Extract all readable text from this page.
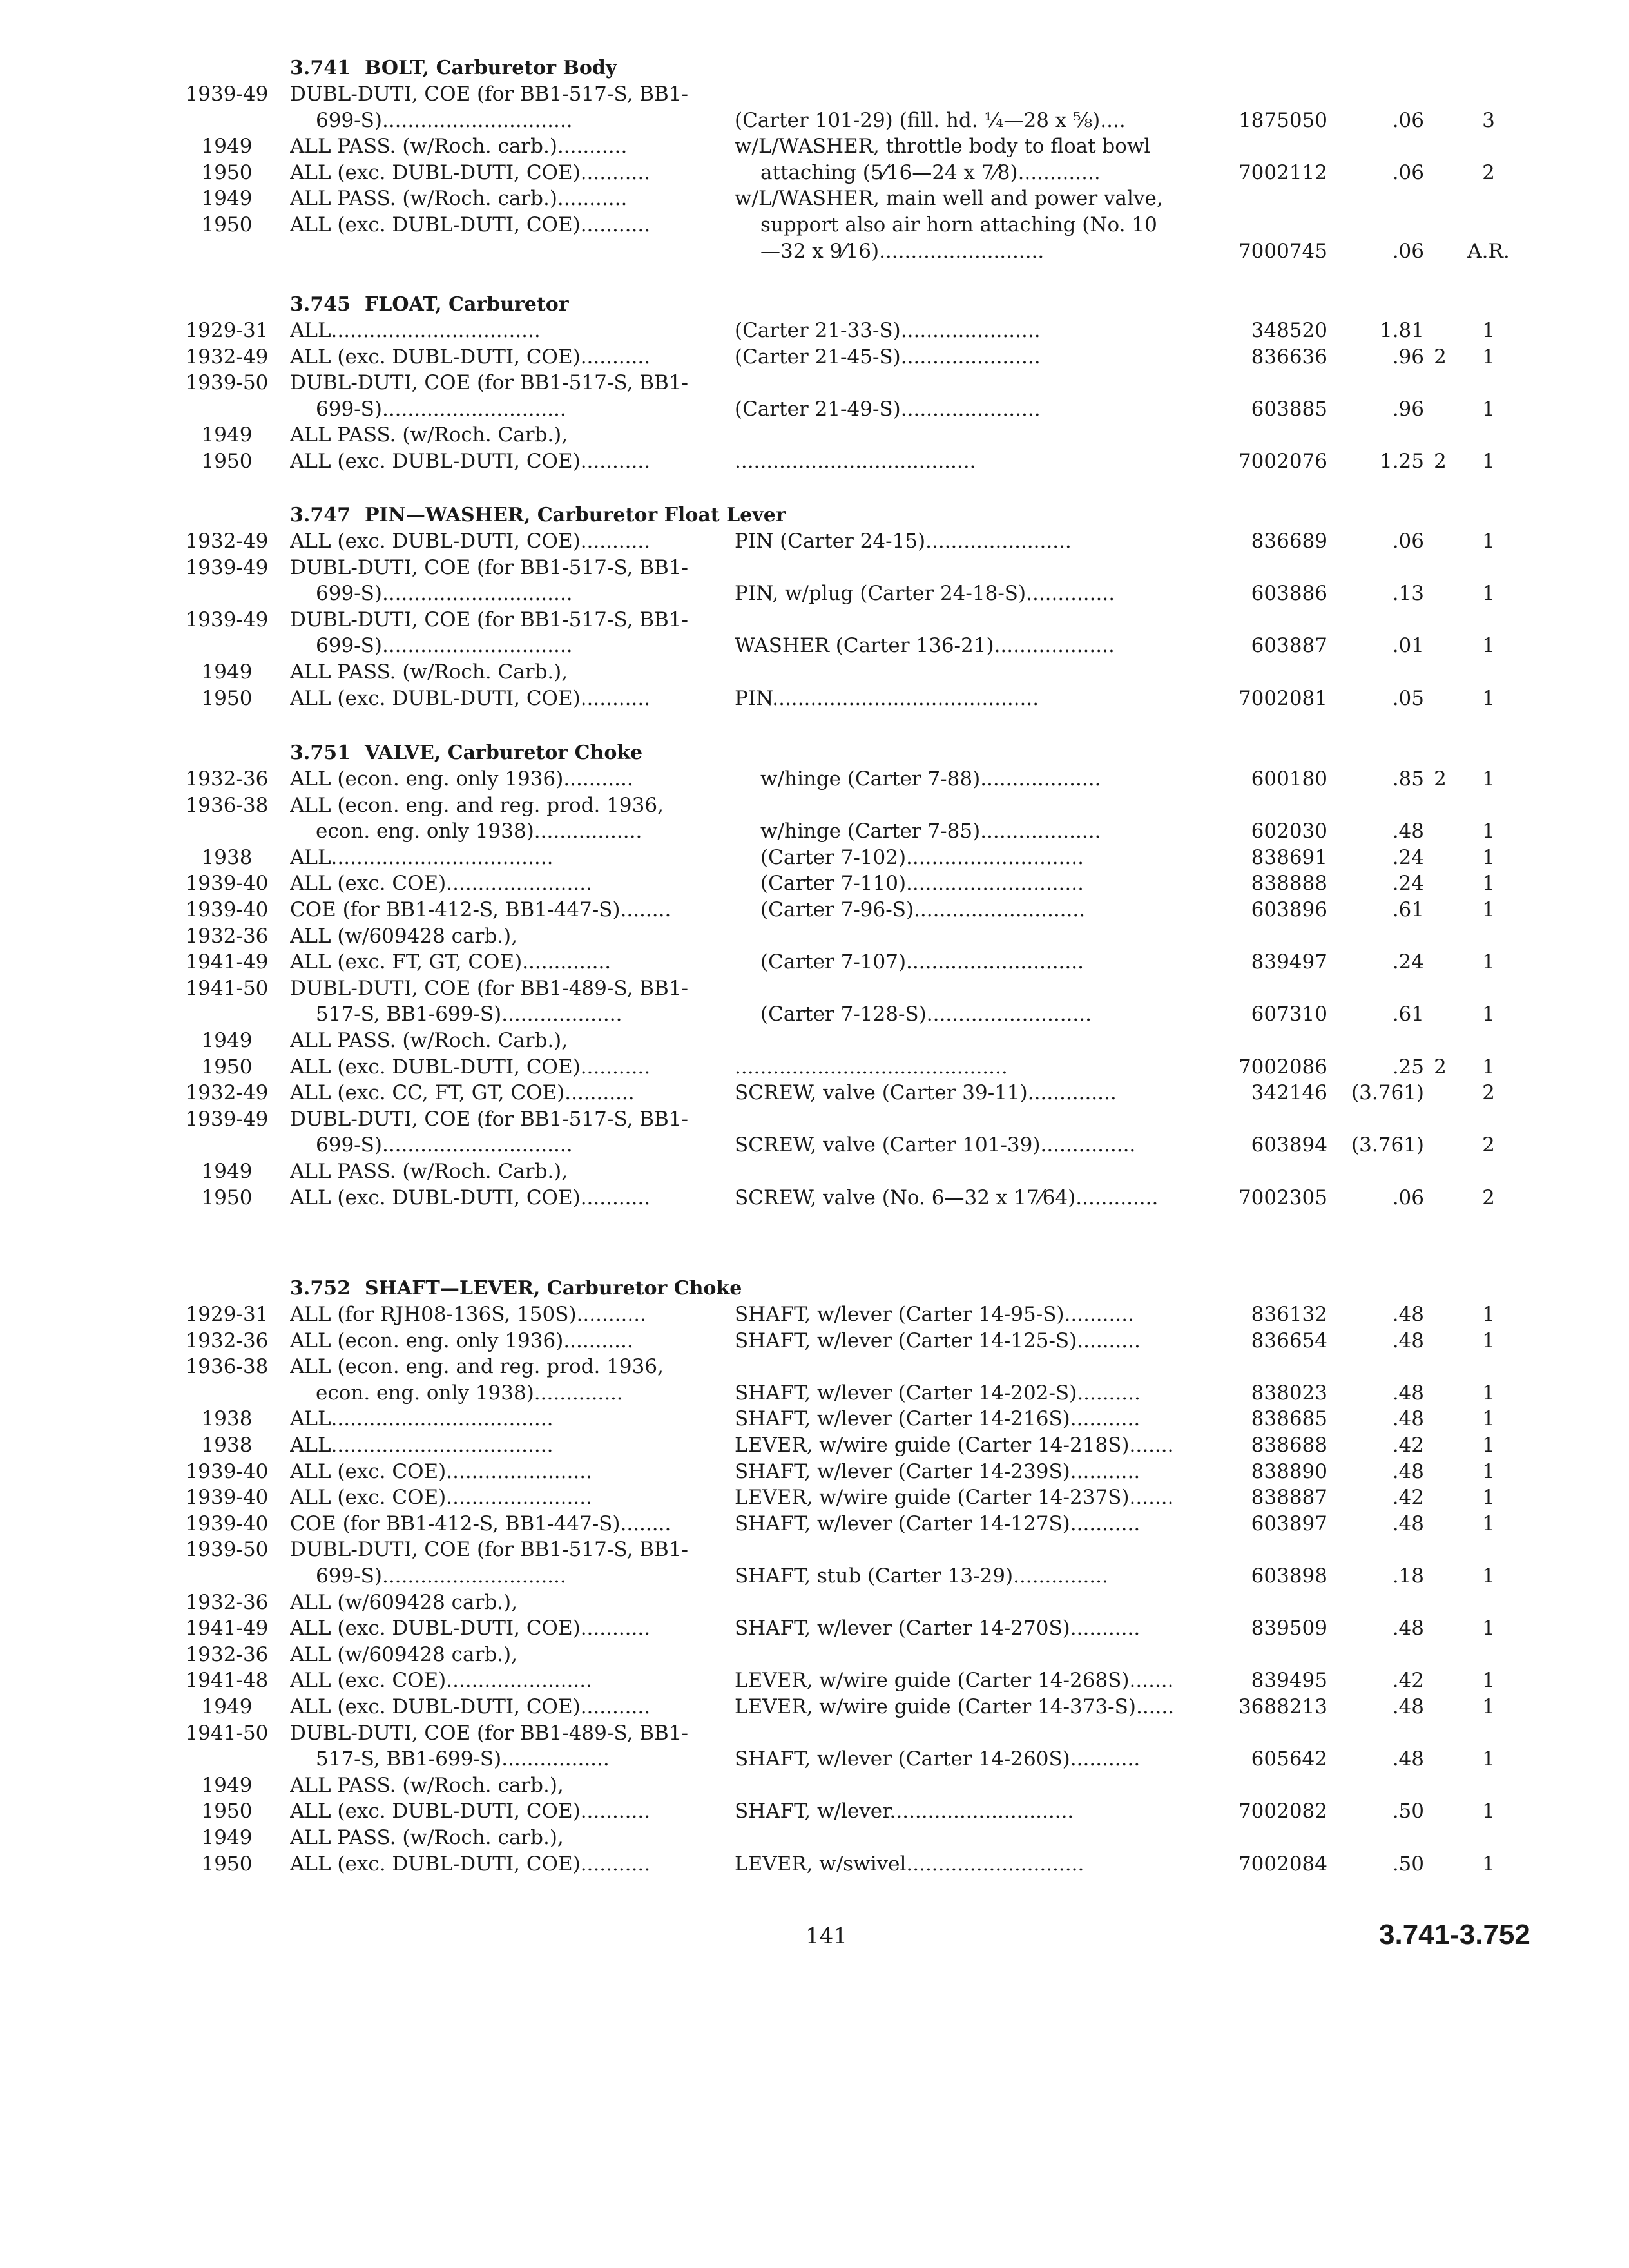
3.741 BOLT, Carburetor Body
1939-49	DUBL-DUTI, COE (for BB1-517-S, BB1-
699-S)..............................	(Carter 101-29) (fill. hd. ¼—28 x ⅝)....	1875050	.06	3
1949	ALL PASS. (w/Roch. carb.)...........	w/L/WASHER, throttle body to float bowl
1950	ALL (exc. DUBL-DUTI, COE)...........	attaching (5⁄16—24 x 7⁄8).............	7002112	.06	2
1949	ALL PASS. (w/Roch. carb.)...........	w/L/WASHER, main well and power valve,
1950	ALL (exc. DUBL-DUTI, COE)...........	support also air horn attaching (No. 10
—32 x 9⁄16)..........................	7000745	.06	A.R.
3.745 FLOAT, Carburetor
1929-31	ALL.................................	(Carter 21-33-S)......................	348520	1.81	1
1932-49	ALL (exc. DUBL-DUTI, COE)...........	(Carter 21-45-S)......................	836636	.96 2	1
1939-50	DUBL-DUTI, COE (for BB1-517-S, BB1-
699-S).............................	(Carter 21-49-S)......................	603885	.96	1
1949	ALL PASS. (w/Roch. Carb.),
1950	ALL (exc. DUBL-DUTI, COE)...........	......................................	7002076	1.25 2	1
3.747 PIN—WASHER, Carburetor Float Lever
1932-49	ALL (exc. DUBL-DUTI, COE)...........	PIN (Carter 24-15).......................	836689	.06	1
1939-49	DUBL-DUTI, COE (for BB1-517-S, BB1-
699-S)..............................	PIN, w/plug (Carter 24-18-S)..............	603886	.13	1
1939-49	DUBL-DUTI, COE (for BB1-517-S, BB1-
699-S)..............................	WASHER (Carter 136-21)...................	603887	.01	1
1949	ALL PASS. (w/Roch. Carb.),
1950	ALL (exc. DUBL-DUTI, COE)...........	PIN..........................................	7002081	.05	1
3.751 VALVE, Carburetor Choke
1932-36	ALL (econ. eng. only 1936)...........	w/hinge (Carter 7-88)...................	600180	.85 2	1
1936-38	ALL (econ. eng. and reg. prod. 1936,
econ. eng. only 1938).................	w/hinge (Carter 7-85)...................	602030	.48	1
1938	ALL...................................	(Carter 7-102)............................	838691	.24	1
1939-40	ALL (exc. COE).......................	(Carter 7-110)............................	838888	.24	1
1939-40	COE (for BB1-412-S, BB1-447-S)........	(Carter 7-96-S)...........................	603896	.61	1
1932-36	ALL (w/609428 carb.),
1941-49	ALL (exc. FT, GT, COE)..............	(Carter 7-107)............................	839497	.24	1
1941-50	DUBL-DUTI, COE (for BB1-489-S, BB1-
517-S, BB1-699-S)...................	(Carter 7-128-S)..........................	607310	.61	1
1949	ALL PASS. (w/Roch. Carb.),
1950	ALL (exc. DUBL-DUTI, COE)...........	...........................................	7002086	.25 2	1
1932-49	ALL (exc. CC, FT, GT, COE)...........	SCREW, valve (Carter 39-11)..............	342146	(3.761)	2
1939-49	DUBL-DUTI, COE (for BB1-517-S, BB1-
699-S)..............................	SCREW, valve (Carter 101-39)...............	603894	(3.761)	2
1949	ALL PASS. (w/Roch. Carb.),
1950	ALL (exc. DUBL-DUTI, COE)...........	SCREW, valve (No. 6—32 x 17⁄64).............	7002305	.06	2
3.752 SHAFT—LEVER, Carburetor Choke
1929-31	ALL (for RJH08-136S, 150S)...........	SHAFT, w/lever (Carter 14-95-S)...........	836132	.48	1
1932-36	ALL (econ. eng. only 1936)...........	SHAFT, w/lever (Carter 14-125-S)..........	836654	.48	1
1936-38	ALL (econ. eng. and reg. prod. 1936,
econ. eng. only 1938)..............	SHAFT, w/lever (Carter 14-202-S)..........	838023	.48	1
1938	ALL...................................	SHAFT, w/lever (Carter 14-216S)...........	838685	.48	1
1938	ALL...................................	LEVER, w/wire guide (Carter 14-218S).......	838688	.42	1
1939-40	ALL (exc. COE).......................	SHAFT, w/lever (Carter 14-239S)...........	838890	.48	1
1939-40	ALL (exc. COE).......................	LEVER, w/wire guide (Carter 14-237S).......	838887	.42	1
1939-40	COE (for BB1-412-S, BB1-447-S)........	SHAFT, w/lever (Carter 14-127S)...........	603897	.48	1
1939-50	DUBL-DUTI, COE (for BB1-517-S, BB1-
699-S).............................	SHAFT, stub (Carter 13-29)...............	603898	.18	1
1932-36	ALL (w/609428 carb.),
1941-49	ALL (exc. DUBL-DUTI, COE)...........	SHAFT, w/lever (Carter 14-270S)...........	839509	.48	1
1932-36	ALL (w/609428 carb.),
1941-48	ALL (exc. COE).......................	LEVER, w/wire guide (Carter 14-268S).......	839495	.42	1
1949	ALL (exc. DUBL-DUTI, COE)...........	LEVER, w/wire guide (Carter 14-373-S)......	3688213	.48	1
1941-50	DUBL-DUTI, COE (for BB1-489-S, BB1-
517-S, BB1-699-S).................	SHAFT, w/lever (Carter 14-260S)...........	605642	.48	1
1949	ALL PASS. (w/Roch. carb.),
1950	ALL (exc. DUBL-DUTI, COE)...........	SHAFT, w/lever.............................	7002082	.50	1
1949	ALL PASS. (w/Roch. carb.),
1950	ALL (exc. DUBL-DUTI, COE)...........	LEVER, w/swivel............................	7002084	.50	1
141	3.741-3.752
